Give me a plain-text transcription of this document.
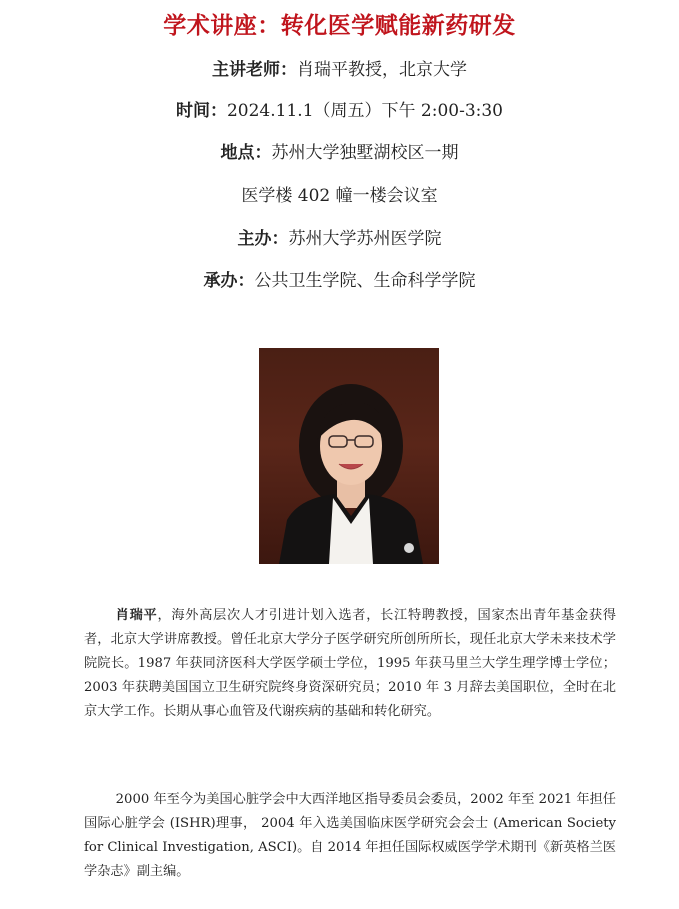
学术讲座：转化医学赋能新药研发
主讲老师：肖瑞平教授，北京大学
时间：2024.11.1（周五）下午 2:00-3:30
地点：苏州大学独墅湖校区一期
医学楼 402 幢一楼会议室
主办：苏州大学苏州医学院
承办：公共卫生学院、生命科学学院
肖瑞平，海外高层次人才引进计划入选者，长江特聘教授，国家杰出青年基金获得者，北京大学讲席教授。曾任北京大学分子医学研究所创所所长，现任北京大学未来技术学院院长。1987 年获同济医科大学医学硕士学位，1995 年获马里兰大学生理学博士学位；2003 年获聘美国国立卫生研究院终身资深研究员；2010 年 3 月辞去美国职位，全时在北京大学工作。长期从事心血管及代谢疾病的基础和转化研究。
2000 年至今为美国心脏学会中大西洋地区指导委员会委员，2002 年至 2021 年担任国际心脏学会 (ISHR)理事， 2004 年入选美国临床医学研究会会士 (American Society for Clinical Investigation, ASCI)。自 2014 年担任国际权威医学学术期刊《新英格兰医学杂志》副主编。
